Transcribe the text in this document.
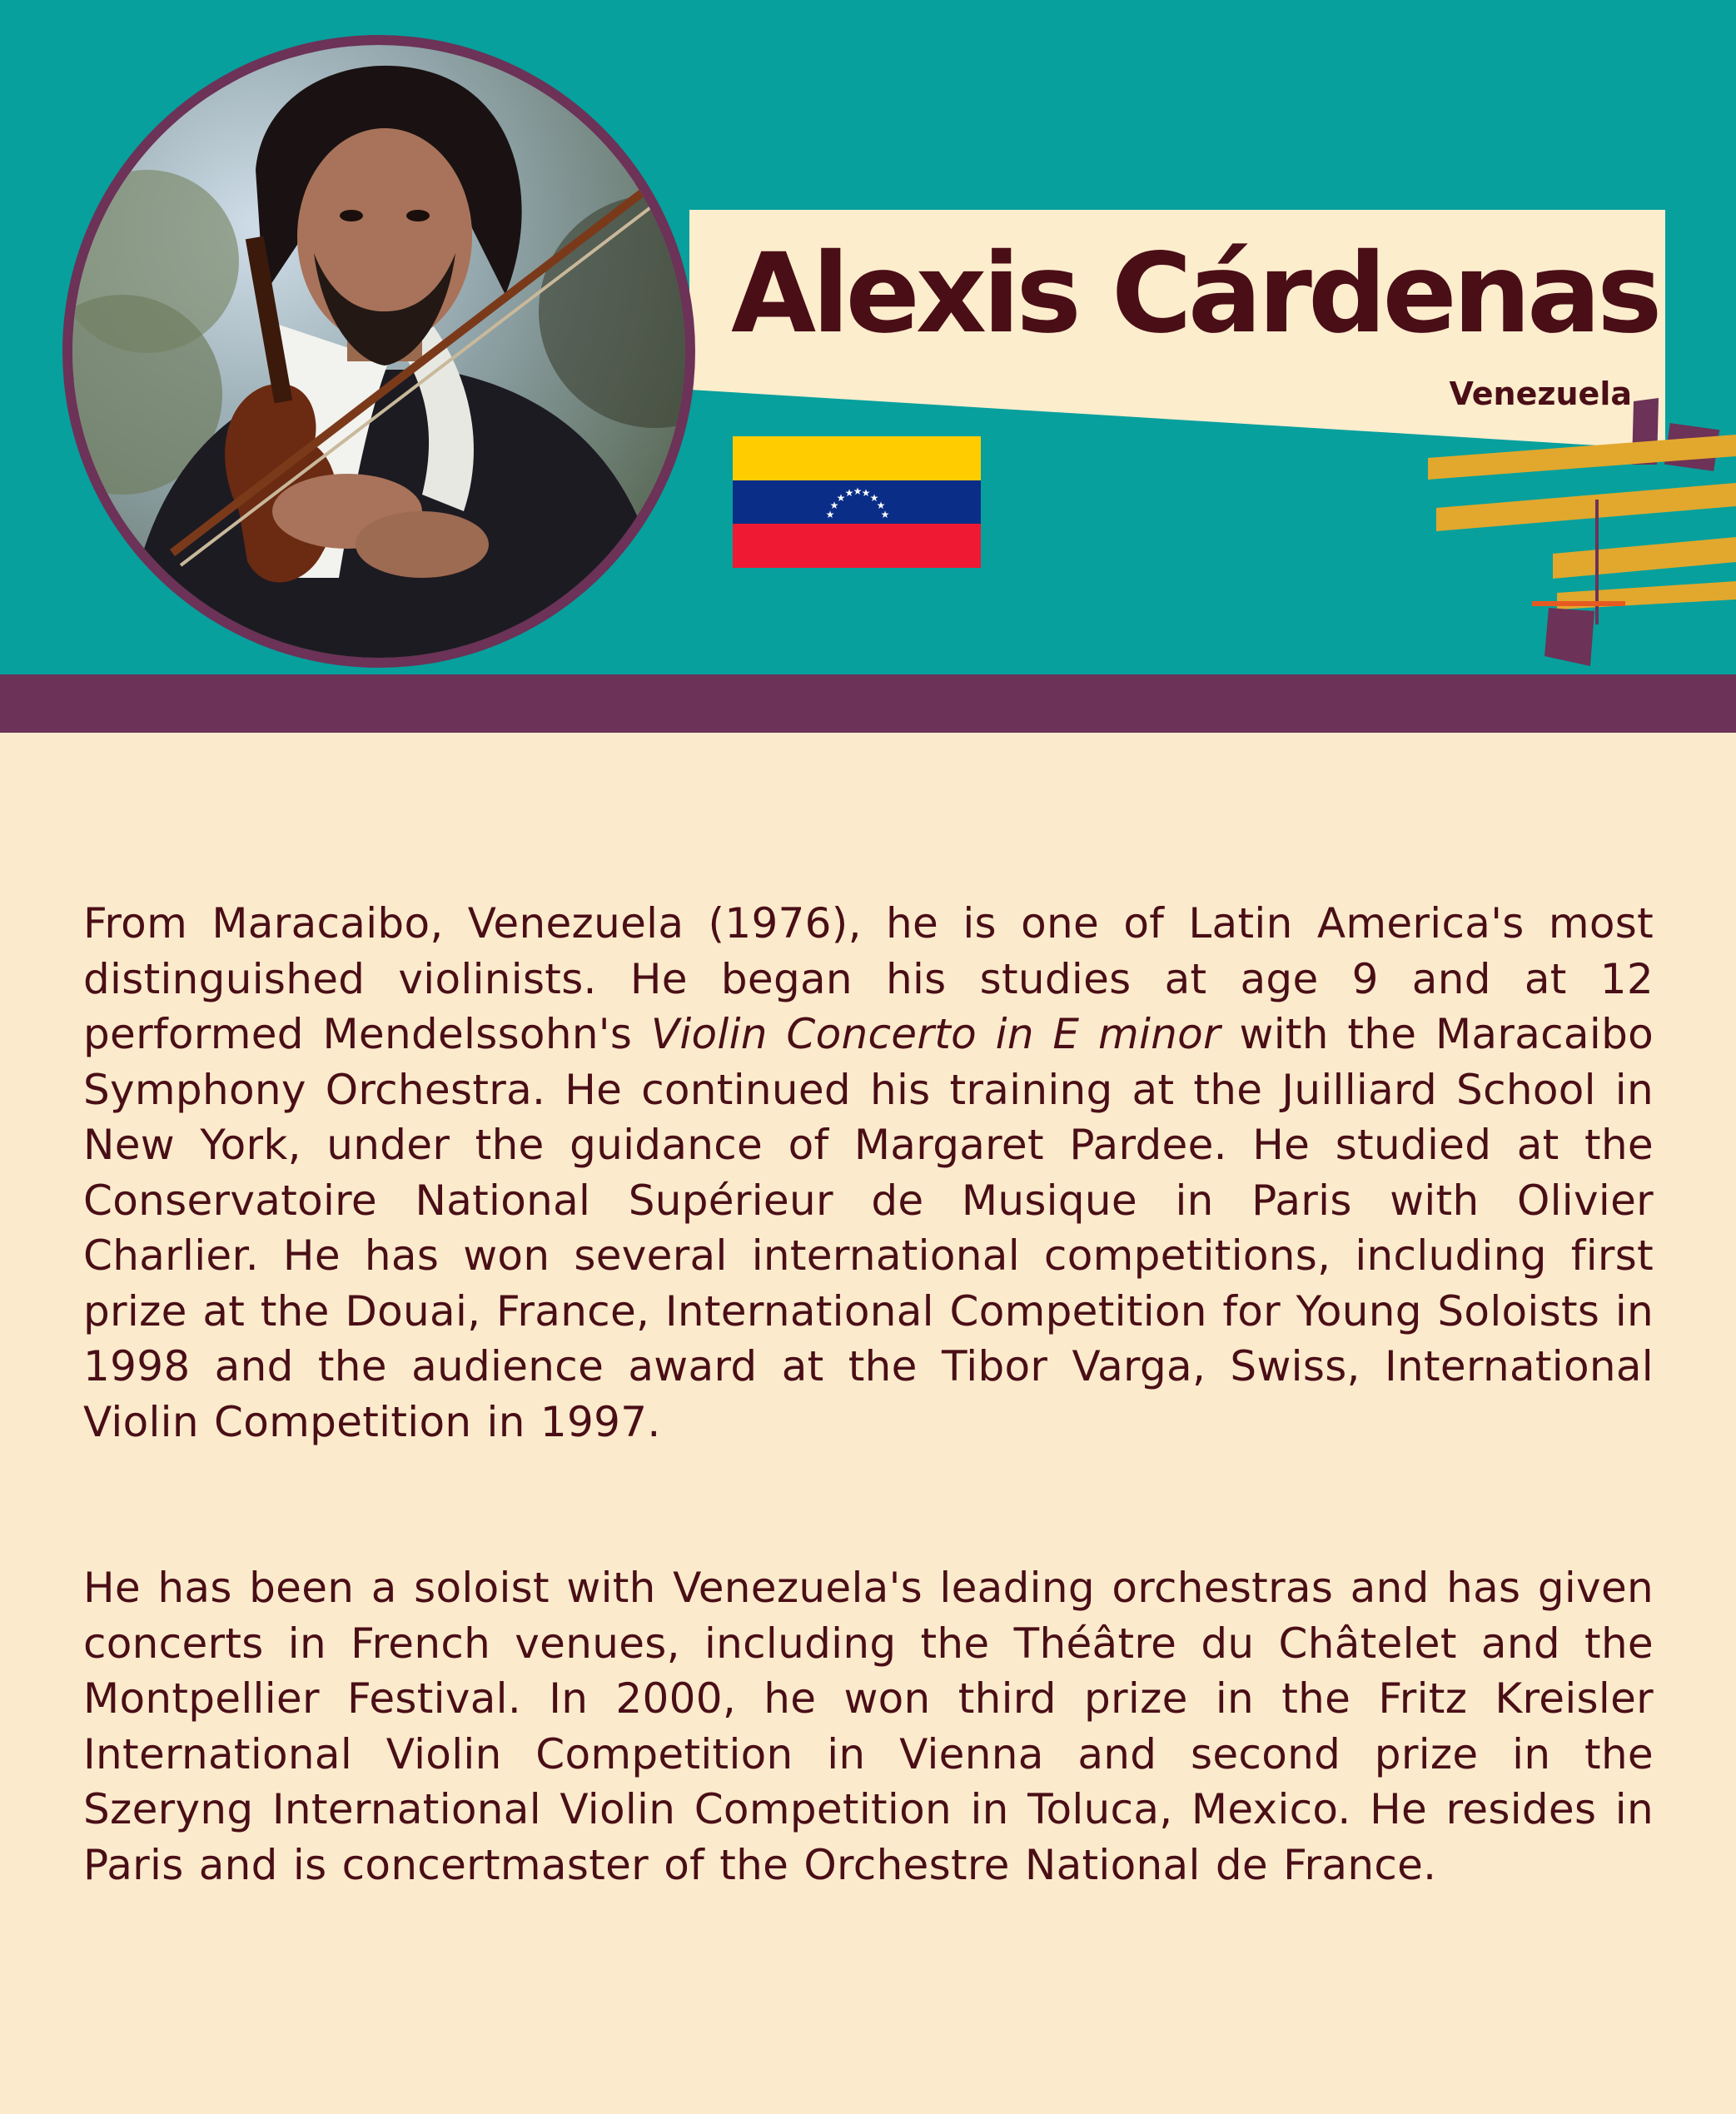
Alexis Cárdenas
Venezuela
★
★
★ ★ ★ ★ ★
★
★

From Maracaibo, Venezuela (1976), he is one of Latin America's most distinguished violinists. He began his studies at age 9 and at 12 performed Mendelssohn's Violin Concerto in E minor with the Maracaibo Symphony Orchestra. He continued his training at the Juilliard School in New York, under the guidance of Margaret Pardee. He studied at the Conservatoire National Supérieur de Musique in Paris with Olivier Charlier. He has won several international competitions, including first prize at the Douai, France, International Competition for Young Soloists in 1998 and the audience award at the Tibor Varga, Swiss, International Violin Competition in 1997.

He has been a soloist with Venezuela's leading orchestras and has given concerts in French venues, including the Théâtre du Châtelet and the Montpellier Festival. In 2000, he won third prize in the Fritz Kreisler International Violin Competition in Vienna and second prize in the Szeryng International Violin Competition in Toluca, Mexico. He resides in Paris and is concertmaster of the Orchestre National de France.
